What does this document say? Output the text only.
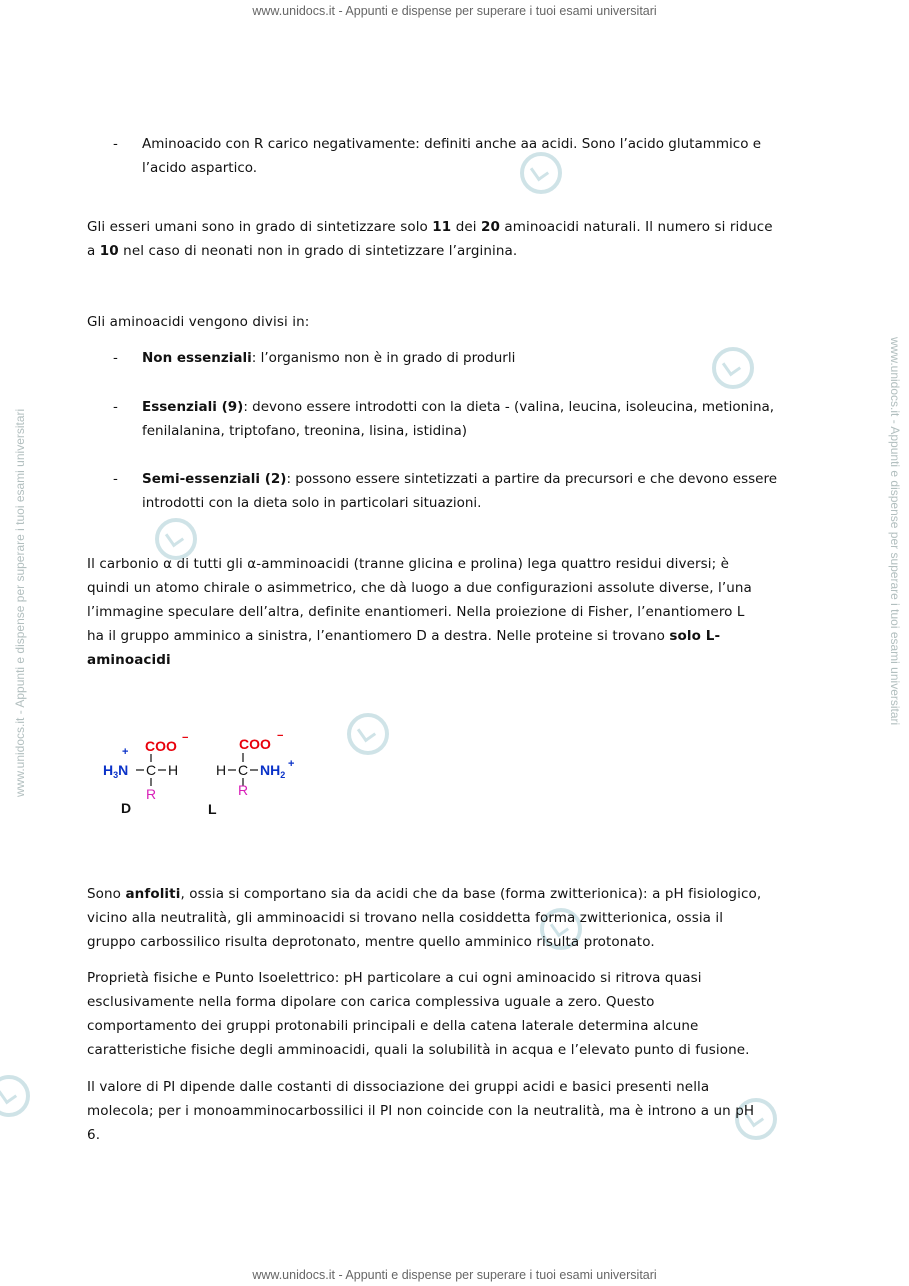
www.unidocs.it - Appunti e dispense per superare i tuoi esami universitari
www.unidocs.it - Appunti e dispense per superare i tuoi esami universitari
www.unidocs.it - Appunti e dispense per superare i tuoi esami universitari	www.unidocs.it - Appunti e dispense per superare i tuoi esami universitari
-	Aminoacido con R carico negativamente: definiti anche aa acidi. Sono l’acido glutammico e
l’acido aspartico.
Gli esseri umani sono in grado di sintetizzare solo 11 dei 20 aminoacidi naturali. Il numero si riduce
a 10 nel caso di neonati non in grado di sintetizzare l’arginina.
Gli aminoacidi vengono divisi in:
-	Non essenziali: l’organismo non è in grado di produrli
-	Essenziali (9): devono essere introdotti con la dieta - (valina, leucina, isoleucina, metionina,
fenilalanina, triptofano, treonina, lisina, istidina)
-	Semi-essenziali (2): possono essere sintetizzati a partire da precursori e che devono essere
introdotti con la dieta solo in particolari situazioni.
Il carbonio α di tutti gli α-amminoacidi (tranne glicina e prolina) lega quattro residui diversi; è
quindi un atomo chirale o asimmetrico, che dà luogo a due configurazioni assolute diverse, l’una
l’immagine speculare dell’altra, definite enantiomeri. Nella proiezione di Fisher, l’enantiomero L
ha il gruppo amminico a sinistra, l’enantiomero D a destra. Nelle proteine si trovano solo L-
aminoacidi
COO −
+
$H_3N$ C H
R
D
COO −
H C $NH_2$
+
R
L
Sono anfoliti, ossia si comportano sia da acidi che da base (forma zwitterionica): a pH fisiologico,
vicino alla neutralità, gli amminoacidi si trovano nella cosiddetta forma zwitterionica, ossia il
gruppo carbossilico risulta deprotonato, mentre quello amminico risulta protonato.
Proprietà fisiche e Punto Isoelettrico: pH particolare a cui ogni aminoacido si ritrova quasi
esclusivamente nella forma dipolare con carica complessiva uguale a zero. Questo
comportamento dei gruppi protonabili principali e della catena laterale determina alcune
caratteristiche fisiche degli amminoacidi, quali la solubilità in acqua e l’elevato punto di fusione.
Il valore di PI dipende dalle costanti di dissociazione dei gruppi acidi e basici presenti nella
molecola; per i monoamminocarbossilici il PI non coincide con la neutralità, ma è introno a un pH
6.
